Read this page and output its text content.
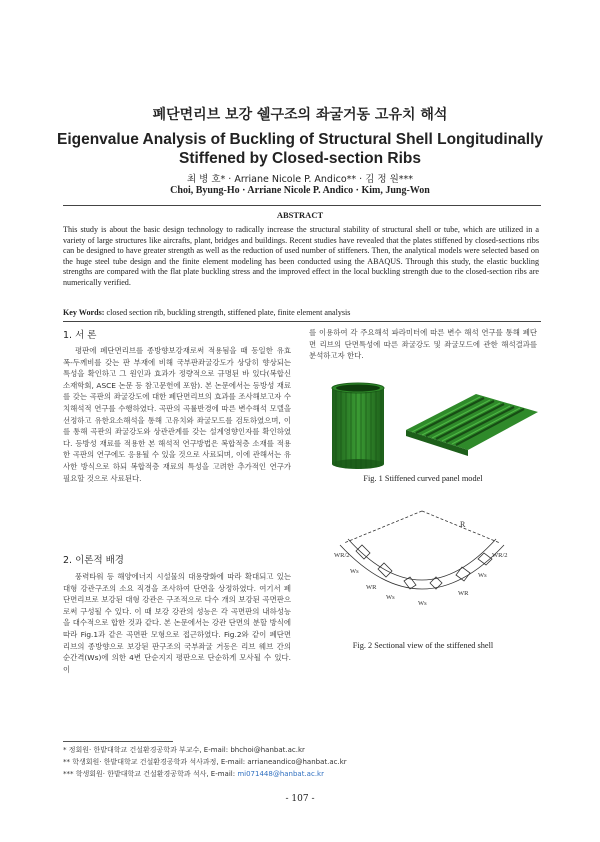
폐단면리브 보강 쉘구조의 좌굴거동 고유치 해석
Eigenvalue Analysis of Buckling of Structural Shell Longitudinally
Stiffened by Closed-section Ribs
최 병 호* · Arriane Nicole P. Andico** · 김 정 원***
Choi, Byung-Ho · Arriane Nicole P. Andico · Kim, Jung-Won
ABSTRACT
This study is about the basic design technology to radically increase the structural stability of structural shell or tube, which are utilized in a variety of large structures like aircrafts, plant, bridges and buildings. Recent studies have revealed that the plates stiffened by closed-sections ribs can be designed to have greater strength as well as the reduction of used number of stiffeners. Then, the analytical models were selected based on the huge steel tube design and the finite element modeling has been conducted using the ABAQUS. Through this study, the elastic buckling strengths are compared with the flat plate buckling stress and the improved effect in the local buckling strength due to the closed-section ribs are numerically verified.
Key Words: closed section rib, buckling strength, stiffened plate, finite element analysis
1. 서 론
평판에 폐단면리브를 종방향보강재로써 적용됨을 때 동일한 유효폭-두께비를 갖는 판 부재에 비해 국부판좌굴강도가 상당히 향상되는 특성을 확인하고 그 원인과 효과가 정량적으로 규명된 바 있다(복합신소재학회, ASCE 논문 등 참고문헌에 포함). 본 논문에서는 등방성 재료를 갖는 곡판의 좌굴강도에 대한 폐단면리브의 효과를 조사해보고자 수치해석적 연구를 수행하였다. 곡판의 곡률반경에 따른 변수해석 모델을 선정하고 유한요소해석을 통해 고유치와 좌굴모드를 검토하였으며, 이를 통해 곡판의 좌굴강도와 상관관계를 갖는 설계영향인자를 확인하였다. 등방성 재료를 적용한 본 해석적 연구방법은 복합적층 소재를 적용한 곡판의 연구에도 응용될 수 있을 것으로 사료되며, 이에 관해서는 유사한 방식으로 하되 복합적층 재료의 특성을 고려한 추가적인 연구가 필요할 것으로 사료된다.
2. 이론적 배경
풍력타워 등 해양에너지 시설물의 대용량화에 따라 확대되고 있는 대형 강관구조의 소요 직경을 조사하여 단면을 상정하였다. 여기서 폐단면리브로 보강된 대형 강관은 구조적으로 다수 개의 보강된 곡면판으로써 구성될 수 있다. 이 때 보강 강관의 성능은 각 곡면판의 내하성능을 대수적으로 합한 것과 같다. 본 논문에서는 강관 단면의 분할 방식에 따라 Fig.1과 같은 곡면판 모형으로 접근하였다. Fig.2와 같이 폐단면 리브의 종방향으로 보강된 판구조의 국부좌굴 거동은 리브 웨브 간의 순간격(Ws)에 의한 4변 단순지지 평판으로 단순하게 모사될 수 있다. 이
를 이용하여 각 주요해석 파라미터에 따른 변수 해석 연구를 통해 폐단면 리브의 단면특성에 따른 좌굴강도 및 좌굴모드에 관한 해석결과를 분석하고자 한다.
Fig. 1 Stiffened curved panel model
R
WR/2	WR/2
Ws
WR
Ws
Ws
WR
Ws
Fig. 2 Sectional view of the stiffened shell
* 정회원· 한밭대학교 건설환경공학과 부교수, E-mail: bhchoi@hanbat.ac.kr
** 학생회원· 한밭대학교 건설환경공학과 석사과정, E-mail: arrianeandico@hanbat.ac.kr
*** 학생회원· 한밭대학교 건설환경공학과 석사, E-mail: mi071448@hanbat.ac.kr
- 107 -
